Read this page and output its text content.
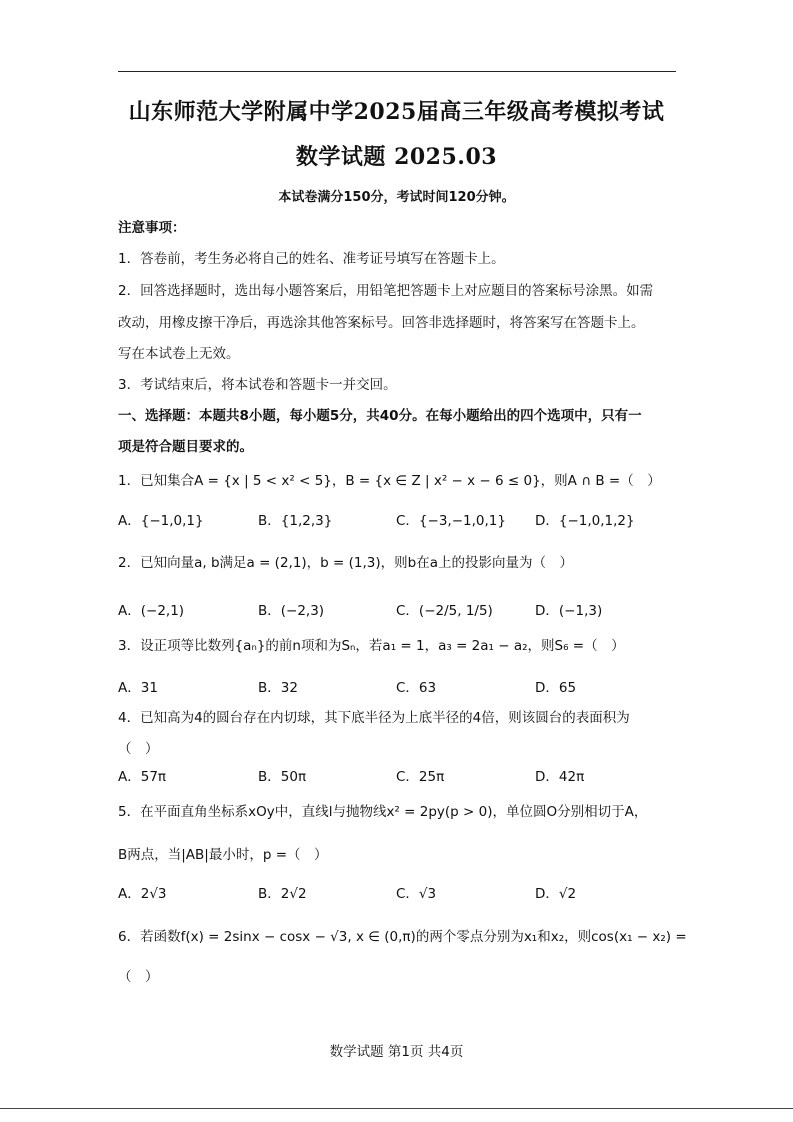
山东师范大学附属中学2025届高三年级高考模拟考试
数学试题 2025.03
本试卷满分150分，考试时间120分钟。
注意事项：
1．答卷前，考生务必将自己的姓名、准考证号填写在答题卡上。
2．回答选择题时，选出每小题答案后，用铅笔把答题卡上对应题目的答案标号涂黑。如需
改动，用橡皮擦干净后，再选涂其他答案标号。回答非选择题时，将答案写在答题卡上。
写在本试卷上无效。
3．考试结束后，将本试卷和答题卡一并交回。
一、选择题：本题共8小题，每小题5分，共40分。在每小题给出的四个选项中，只有一
项是符合题目要求的。
1．已知集合A = {x | 5 < x² < 5}，B = {x ∈ Z | x² − x − 6 ≤ 0}，则A ∩ B =（　）
A．{−1,0,1}	B．{1,2,3}	C．{−3,−1,0,1} D．{−1,0,1,2}
2．已知向量a, b满足a = (2,1)，b = (1,3)，则b在a上的投影向量为（　）
A．(−2,1)	B．(−2,3)	C．(−2/5, 1/5)	D．(−1,3)
3．设正项等比数列{aₙ}的前n项和为Sₙ，若a₁ = 1，a₃ = 2a₁ − a₂，则S₆ =（　）
A．31	B．32	C．63	D．65
4．已知高为4的圆台存在内切球，其下底半径为上底半径的4倍，则该圆台的表面积为
（　）
A．57π	B．50π	C．25π	D．42π
5．在平面直角坐标系xOy中，直线l与抛物线x² = 2py(p > 0)，单位圆O分别相切于A，
B两点，当|AB|最小时，p =（　）
A．2√3	B．2√2	C．√3	D．√2
6．若函数f(x) = 2sinx − cosx − √3, x ∈ (0,π)的两个零点分别为x₁和x₂，则cos(x₁ − x₂) =
（　）
数学试题 第1页 共4页
